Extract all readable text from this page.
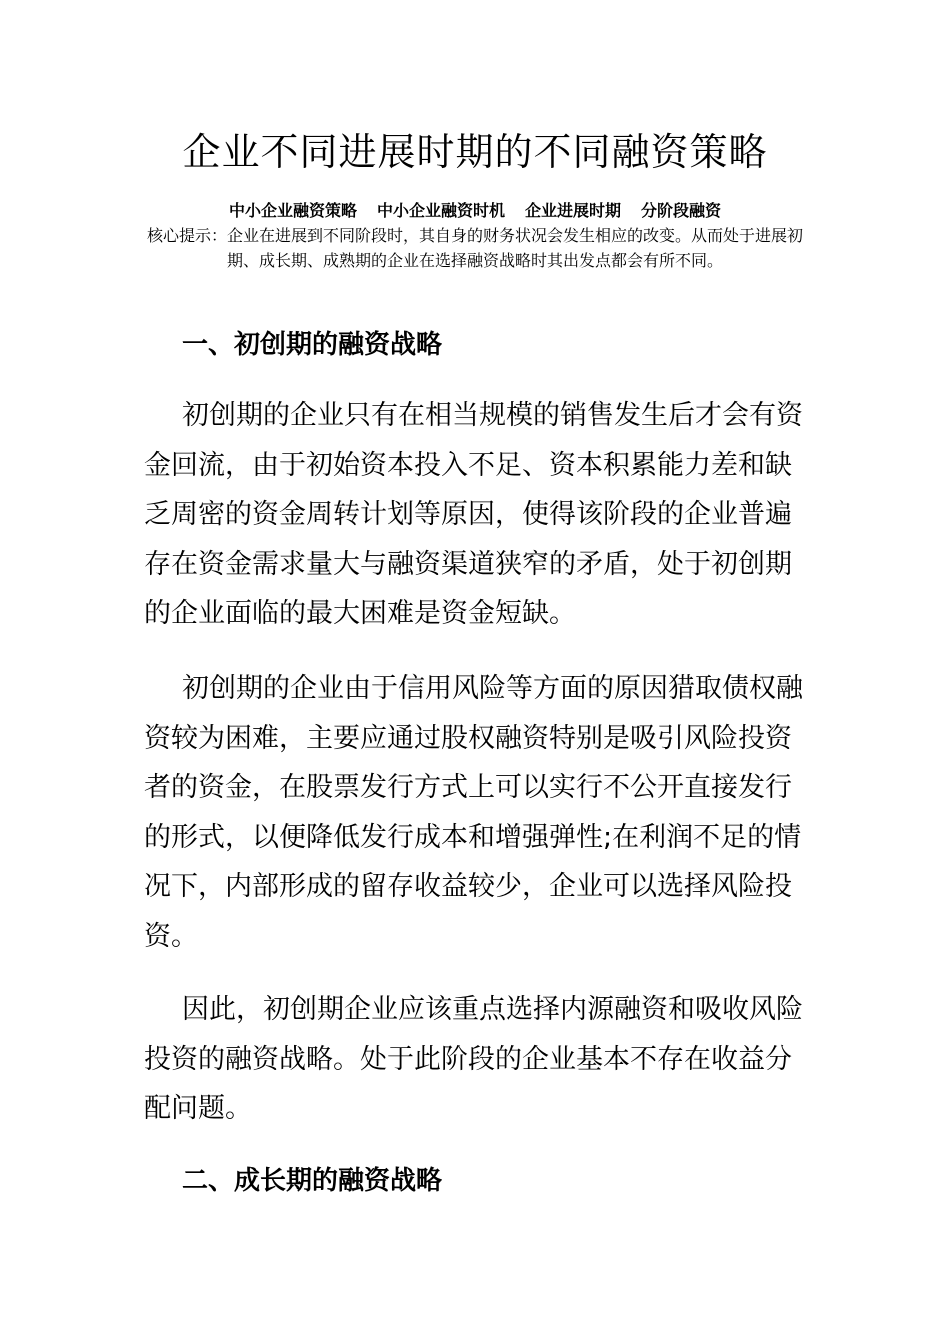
企业不同进展时期的不同融资策略
中小企业融资策略 中小企业融资时机 企业进展时期 分阶段融资

核心提示：企业在进展到不同阶段时，其自身的财务状况会发生相应的改变。从而处于进展初期、成长期、成熟期的企业在选择融资战略时其出发点都会有所不同。

一、初创期的融资战略

初创期的企业只有在相当规模的销售发生后才会有资金回流，由于初始资本投入不足、资本积累能力差和缺乏周密的资金周转计划等原因，使得该阶段的企业普遍存在资金需求量大与融资渠道狭窄的矛盾，处于初创期的企业面临的最大困难是资金短缺。

初创期的企业由于信用风险等方面的原因猎取债权融资较为困难，主要应通过股权融资特别是吸引风险投资者的资金，在股票发行方式上可以实行不公开直接发行的形式，以便降低发行成本和增强弹性;在利润不足的情况下，内部形成的留存收益较少，企业可以选择风险投资。

因此，初创期企业应该重点选择内源融资和吸收风险投资的融资战略。处于此阶段的企业基本不存在收益分配问题。

二、成长期的融资战略
